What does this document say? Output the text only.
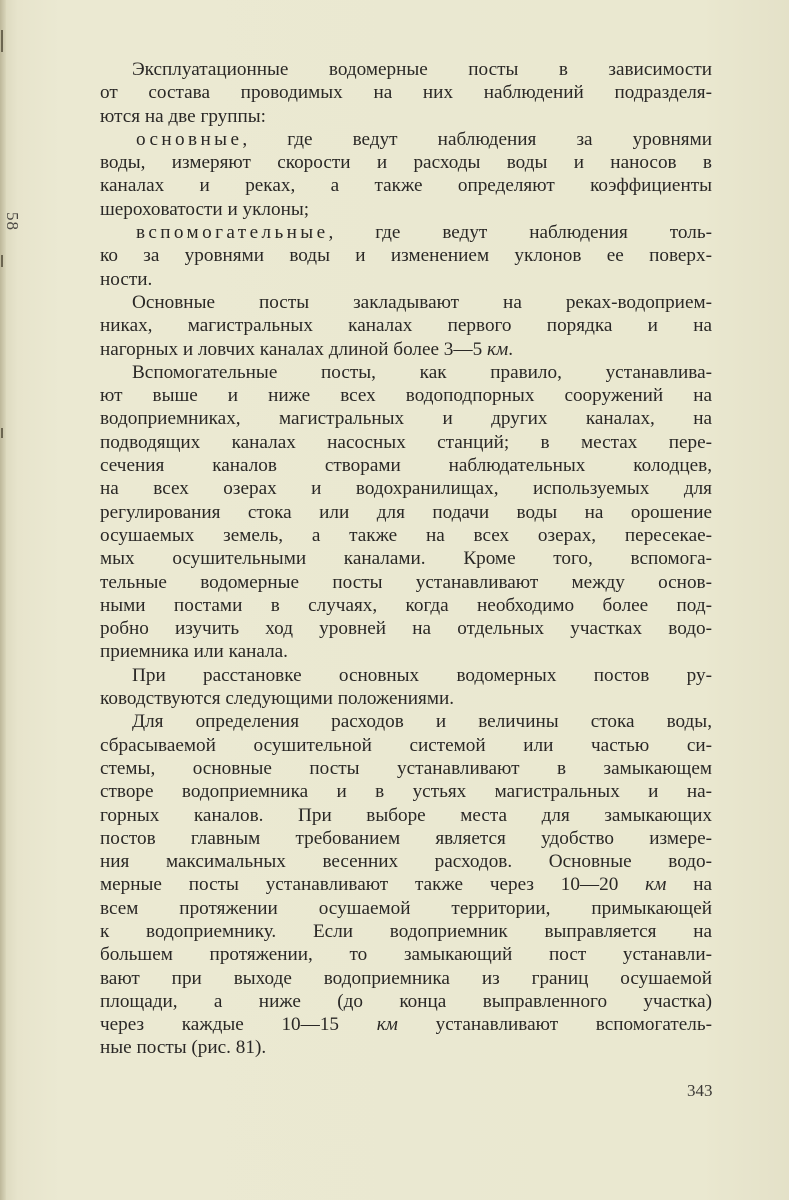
58
Эксплуатационные водомерные посты в зависимости
от состава проводимых на них наблюдений подразделя-
ются на две группы:
основные, где ведут наблюдения за уровнями
воды, измеряют скорости и расходы воды и наносов в
каналах и реках, а также определяют коэффициенты
шероховатости и уклоны;
вспомогательные, где ведут наблюдения толь-
ко за уровнями воды и изменением уклонов ее поверх-
ности.
Основные посты закладывают на реках-водоприем-
никах, магистральных каналах первого порядка и на
нагорных и ловчих каналах длиной более 3—5 км.
Вспомогательные посты, как правило, устанавлива-
ют выше и ниже всех водоподпорных сооружений на
водоприемниках, магистральных и других каналах, на
подводящих каналах насосных станций; в местах пере-
сечения каналов створами наблюдательных колодцев,
на всех озерах и водохранилищах, используемых для
регулирования стока или для подачи воды на орошение
осушаемых земель, а также на всех озерах, пересекае-
мых осушительными каналами. Кроме того, вспомога-
тельные водомерные посты устанавливают между основ-
ными постами в случаях, когда необходимо более под-
робно изучить ход уровней на отдельных участках водо-
приемника или канала.
При расстановке основных водомерных постов ру-
ководствуются следующими положениями.
Для определения расходов и величины стока воды,
сбрасываемой осушительной системой или частью си-
стемы, основные посты устанавливают в замыкающем
створе водоприемника и в устьях магистральных и на-
горных каналов. При выборе места для замыкающих
постов главным требованием является удобство измере-
ния максимальных весенних расходов. Основные водо-
мерные посты устанавливают также через 10—20 км на
всем протяжении осушаемой территории, примыкающей
к водоприемнику. Если водоприемник выправляется на
большем протяжении, то замыкающий пост устанавли-
вают при выходе водоприемника из границ осушаемой
площади, а ниже (до конца выправленного участка)
через каждые 10—15 км устанавливают вспомогатель-
ные посты (рис. 81).
343
